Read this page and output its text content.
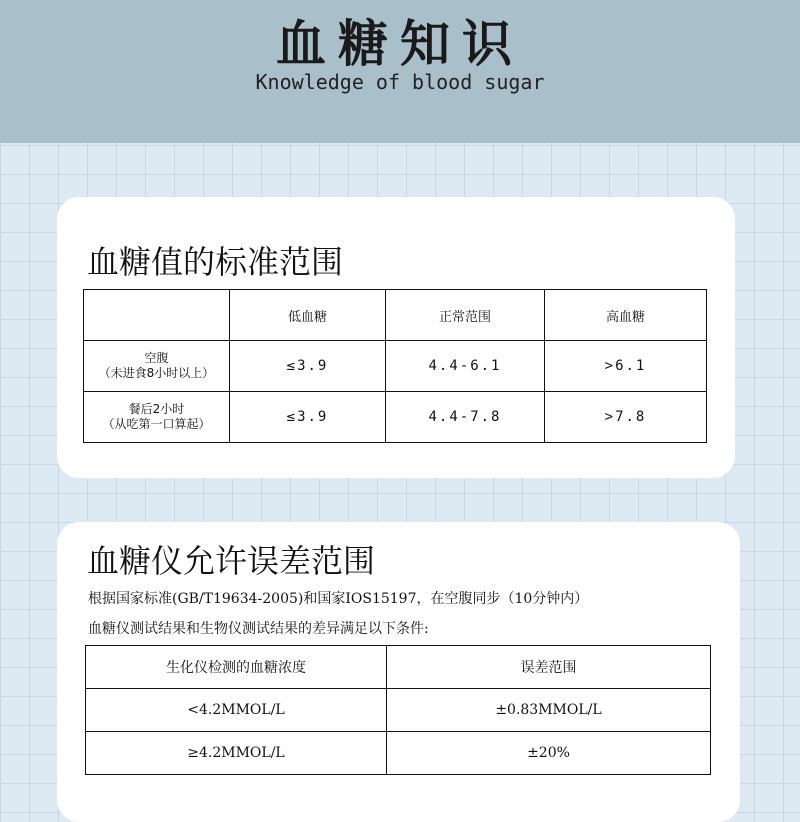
血糖知识
Knowledge of blood sugar
血糖值的标准范围
	低血糖	正常范围	高血糖

空腹
（未进食8小时以上）	≤3.9	4.4-6.1	>6.1

餐后2小时
（从吃第一口算起）	≤3.9	4.4-7.8	>7.8
血糖仪允许误差范围
根据国家标准(GB/T19634-2005)和国家IOS15197，在空腹同步（10分钟内）
血糖仪测试结果和生物仪测试结果的差异满足以下条件:
生化仪检测的血糖浓度	误差范围
<4.2MMOL/L	±0.83MMOL/L
≥4.2MMOL/L	±20%
